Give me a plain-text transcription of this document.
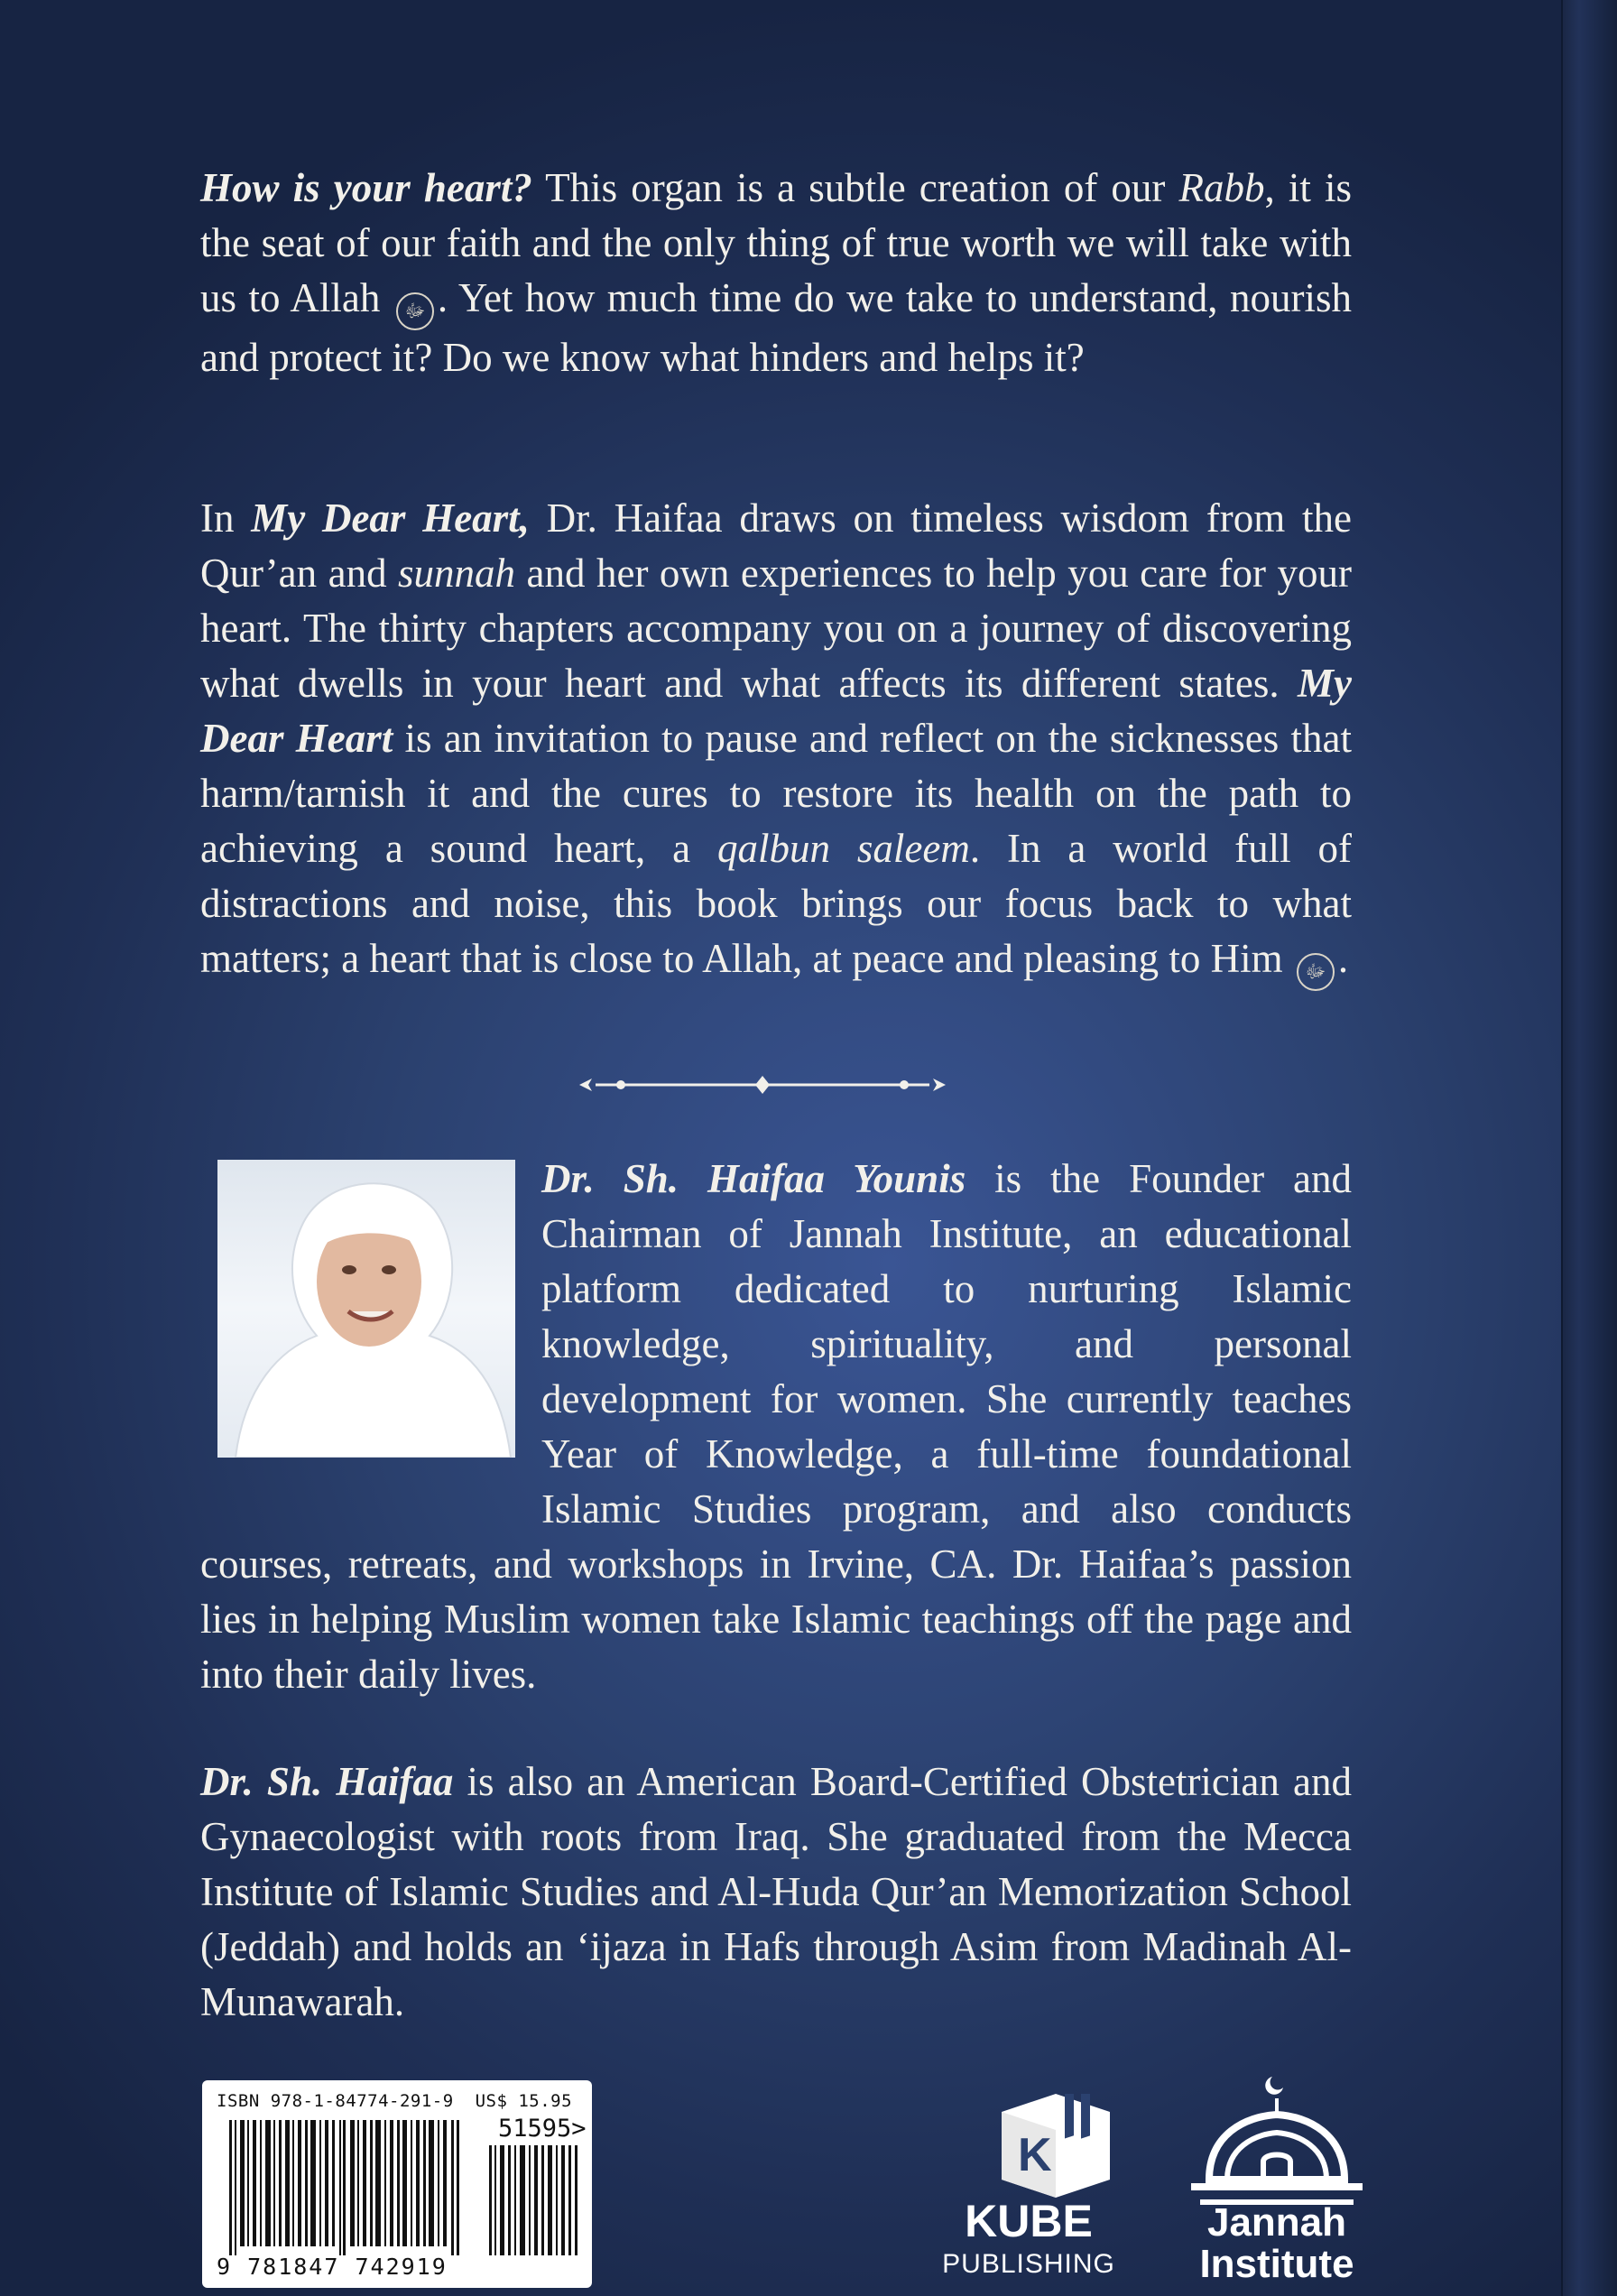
How is your heart? This organ is a subtle creation of our Rabb, it is the seat of our faith and the only thing of true worth we will take with us to Allah ﷻ . Yet how much time do we take to understand, nourish and protect it? Do we know what hinders and helps it?

In My Dear Heart, Dr. Haifaa draws on timeless wisdom from the Qur’an and sunnah and her own experiences to help you care for your heart. The thirty chapters accompany you on a journey of discovering what dwells in your heart and what affects its different states. My Dear Heart is an invitation to pause and reflect on the sicknesses that harm/tarnish it and the cures to restore its health on the path to achieving a sound heart, a qalbun saleem. In a world full of distractions and noise, this book brings our focus back to what matters; a heart that is close to Allah, at peace and pleasing to Him ﷻ .

Dr. Sh. Haifaa Younis is the Founder and Chairman of Jannah Institute, an educational platform dedicated to nurturing Islamic knowledge, spirituality, and personal development for women. She currently teaches Year of Knowledge, a full-time foundational Islamic Studies program, and also conducts courses, retreats, and workshops in Irvine, CA. Dr. Haifaa’s passion lies in helping Muslim women take Islamic teachings off the page and into their daily lives.

Dr. Sh. Haifaa is also an American Board-Certified Obstetrician and Gynaecologist with roots from Iraq. She graduated from the Mecca Institute of Islamic Studies and Al-Huda Qur’an Memorization School (Jeddah) and holds an ‘ijaza in Hafs through Asim from Madinah Al-Munawarah.

ISBN 978-1-84774-291-9 US$ 15.95
51595>
9 781847 742919
K
KUBE
PUBLISHING
Jannah
Institute
